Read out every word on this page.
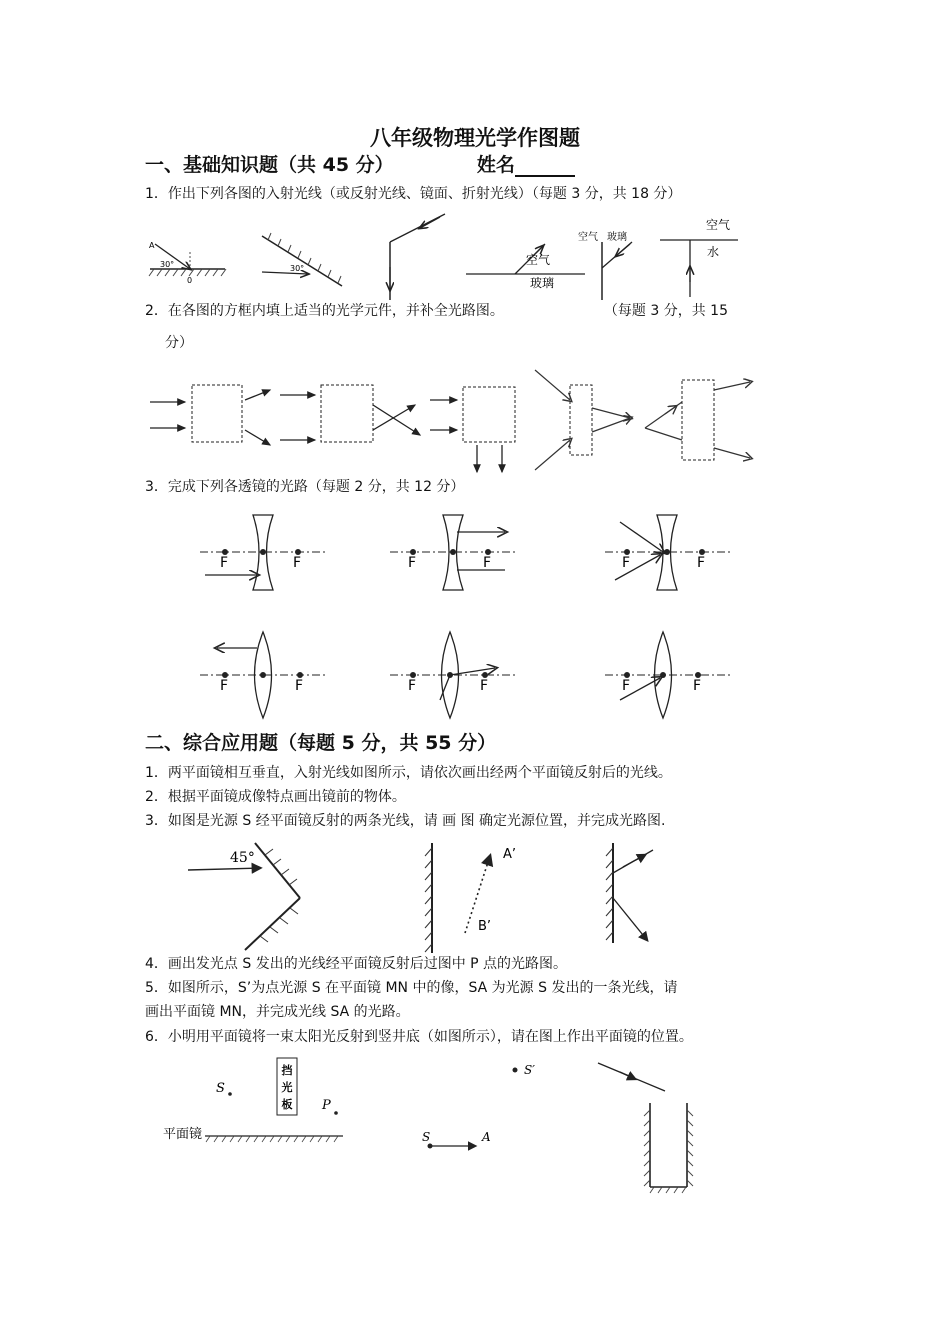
八年级物理光学作图题
一、基础知识题（共 45 分）	姓名
1．作出下列各图的入射光线（或反射光线、镜面、折射光线）（每题 3 分，共 18 分）
A
30°
0
30°
空气
玻璃
空气 玻璃
空气
水
2．在各图的方框内填上适当的光学元件，并补全光路图。	（每题 3 分，共 15
分）
3．完成下列各透镜的光路（每题 2 分，共 12 分）
F	F	F	F	F	F
F	F	F	F	F	F
二、综合应用题（每题 5 分，共 55 分）
1．两平面镜相互垂直，入射光线如图所示，请依次画出经两个平面镜反射后的光线。
2．根据平面镜成像特点画出镜前的物体。
3．如图是光源 S 经平面镜反射的两条光线，请 画 图 确定光源位置，并完成光路图.
45°	A’
B’
4．画出发光点 S 发出的光线经平面镜反射后过图中 P 点的光路图。
5．如图所示，S’为点光源 S 在平面镜 MN 中的像，SA 为光源 S 发出的一条光线，请
画出平面镜 MN，并完成光线 SA 的光路。
6．小明用平面镜将一束太阳光反射到竖井底（如图所示），请在图上作出平面镜的位置。
S
挡
光
板 P
平面镜
S′
S	A
